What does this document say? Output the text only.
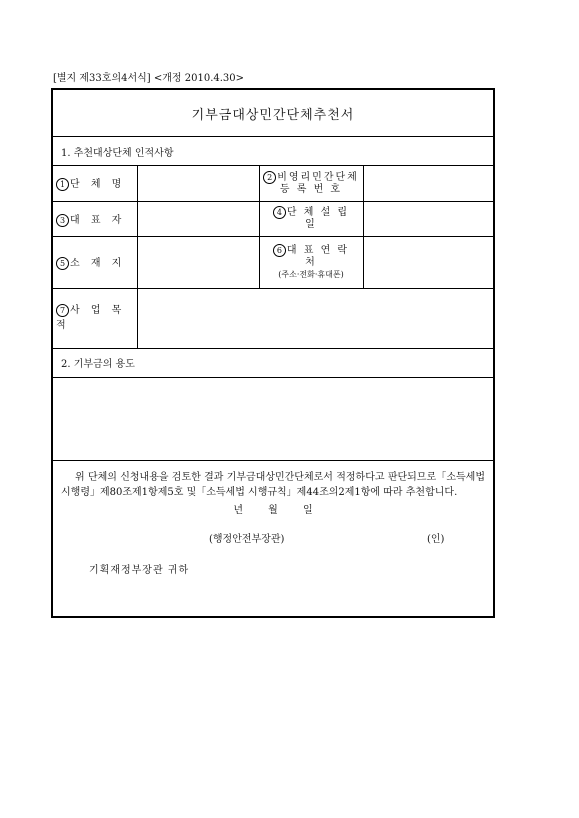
[별지 제33호의4서식] <개정 2010.4.30>
기부금대상민간단체추천서
1. 추천대상단체 인적사항
1 단 체 명		2 비영리민간단체
등 록 번 호	
3 대 표 자		4 단 체 설 립
일	
5 소 재 지		6 대 표 연 락
처
(주소·전화·휴대폰)	
7 사 업 목
적			
2. 기부금의 용도
위 단체의 신청내용을 검토한 결과 기부금대상민간단체로서 적정하다고 판단되므로「소득세법 시행령」제80조제1항제5호 및「소득세법 시행규칙」제44조의2제1항에 따라 추천합니다.
년 월 일
(행정안전부장관)	(인)
기획재정부장관 귀하
